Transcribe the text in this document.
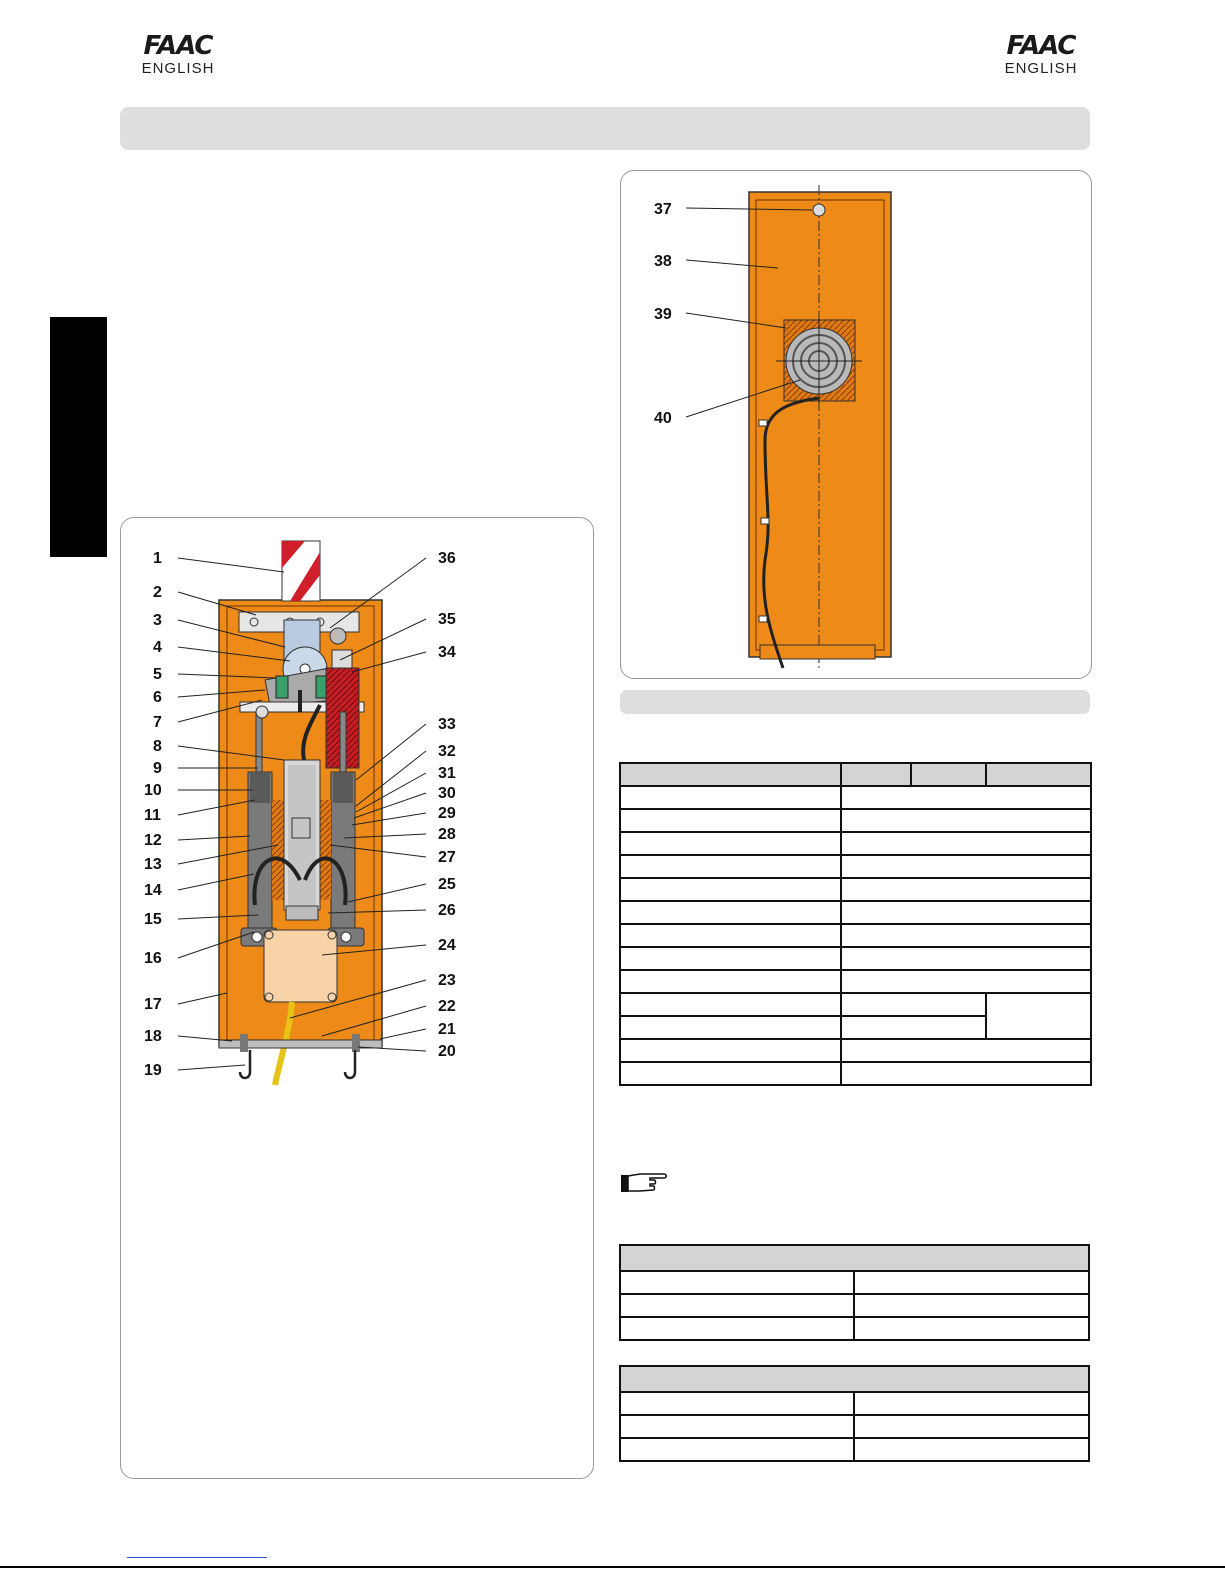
FAAC
ENGLISH
FAAC
ENGLISH
1
2
3
4
5
6
7
8
9
10
11
12
13
14
15
16
17
18
19
20
21
22
23
24
25
26
27
28
29
30
31
32
33
34
35
36
37
38
39
40
